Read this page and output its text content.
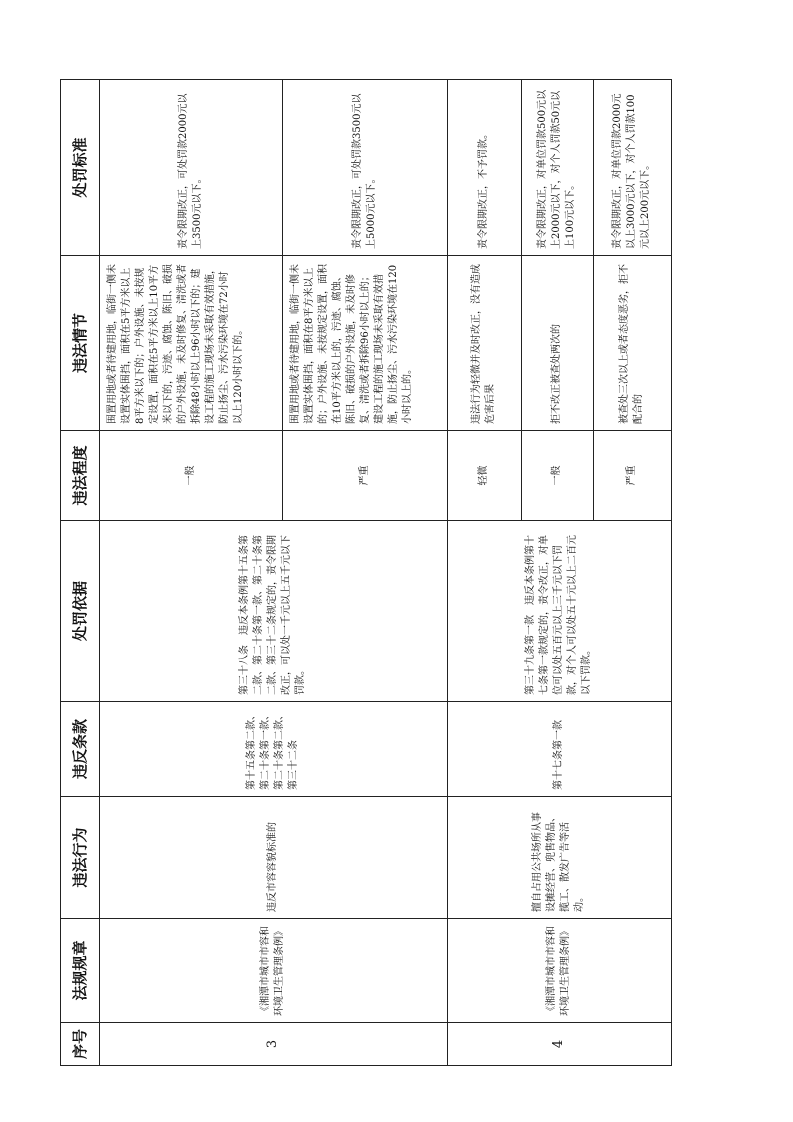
序号	法规规章	违法行为	违反条款	处罚依据	违法程度	违法情节	处罚标准
3	《湘潭市城市市容和环境卫生管理条例》	违反市容容貌标准的	第十五条第二款、第二十条第一款、第二十条第二款、第三十二条	第三十八条　违反本条例第十五条第二款、第二十条第一款、第二十条第二款、第三十二条规定的，责令限期改正，可以处一千元以上五千元以下罚款。	一般	围置用地或者待建用地，临街一侧未设置实体围挡，面积在5平方米以上8平方米以下的；户外设施、未按规定设置，面积在5平方米以上10平方米以下的，污迹、腐蚀、陈旧、破损的户外设施，未及时修复、清洗或者拆除48小时以上96小时以下的；建设工程的施工现场未采取有效措施，防止扬尘、污水污染环境在72小时以上120小时以下的。	责令限期改正，可处罚款2000元以上3500元以下。
					严重	围置用地或者待建用地，临街一侧未设置实体围挡，面积在8平方米以上的；户外设施、未按规定设置，面积在10平方米以上的，污迹、腐蚀、陈旧、破损的户外设施，未及时修复、清洗或者拆除96小时以上的；建设工程的施工现场未采取有效措施，防止扬尘、污水污染环境在120小时以上的。	责令限期改正，可处罚款3500元以上5000元以下。
4	《湘潭市城市市容和环境卫生管理条例》	擅自占用公共场所从事设摊经营、兜售物品、揽工、散发广告等活动。	第十七条第一款	第三十九条第一款　违反本条例第十七条第一款规定的，责令改正，对单位可以处五百元以上三千元以下罚款，对个人可以处五十元以上二百元以下罚款。	轻微	违法行为轻微并及时改正，没有造成危害后果	责令限期改正，不予罚款。
					一般	拒不改正被查处两次的	责令限期改正，对单位罚款500元以上2000元以下，对个人罚款50元以上100元以下。
					严重	被查处三次以上或者态度恶劣，拒不配合的	责令限期改正，对单位罚款2000元以上3000元以下，对个人罚款100元以上200元以下。
